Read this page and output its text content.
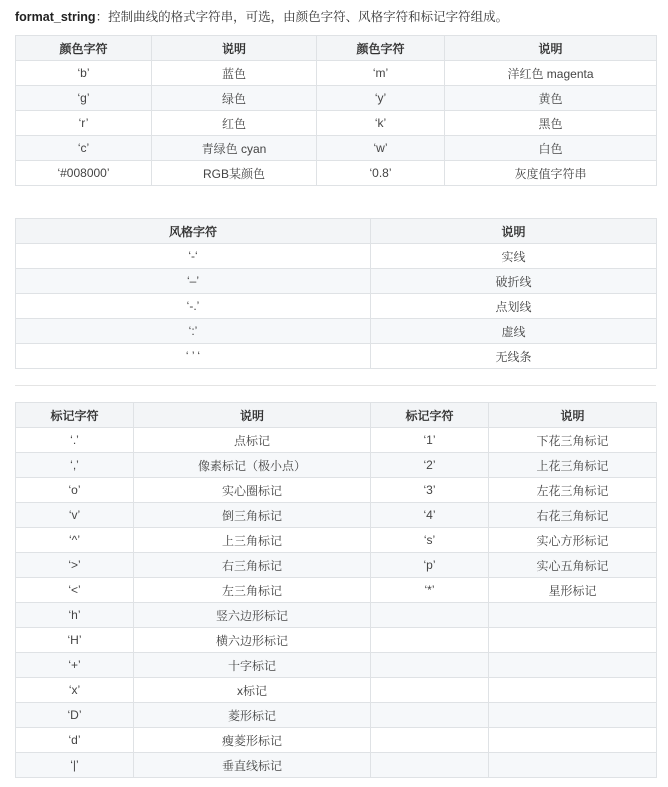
format_string：控制曲线的格式字符串，可选，由颜色字符、风格字符和标记字符组成。
颜色字符	说明	颜色字符	说明
‘b’	蓝色	‘m’	洋红色 magenta
‘g’	绿色	‘y’	黄色
‘r’	红色	‘k’	黑色
‘c’	青绿色 cyan	‘w’	白色
‘#008000’	RGB某颜色	‘0.8’	灰度值字符串
风格字符	说明
‘-‘	实线
‘–’	破折线
‘-.’	点划线
‘:’	虚线
‘ ’ ‘	无线条
标记字符	说明	标记字符	说明
‘.’	点标记	‘1’	下花三角标记
‘,’	像素标记（极小点）	‘2’	上花三角标记
‘o’	实心圈标记	‘3’	左花三角标记
‘v’	倒三角标记	‘4’	右花三角标记
‘^’	上三角标记	‘s’	实心方形标记
‘>’	右三角标记	‘p’	实心五角标记
‘<’	左三角标记	‘*’	星形标记
‘h’	竖六边形标记		
‘H’	横六边形标记		
‘+’	十字标记		
‘x’	x标记		
‘D’	菱形标记		
‘d’	瘦菱形标记		
‘|’	垂直线标记		
